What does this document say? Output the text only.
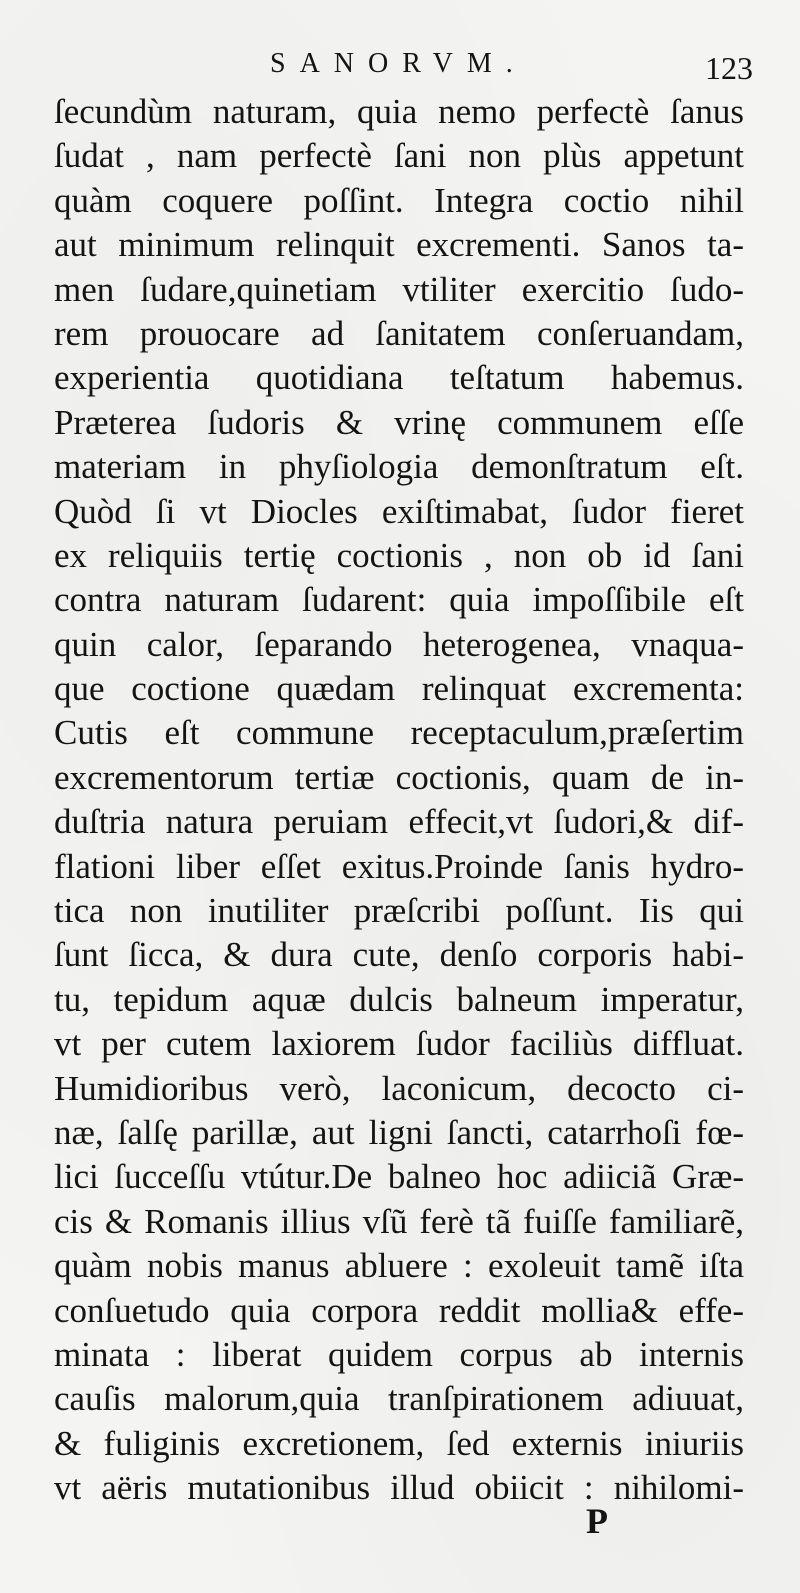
SANORVM.	123
ſecundùm naturam, quia nemo perfectè ſanus
ſudat , nam perfectè ſani non plùs appetunt
quàm coquere poſſint. Integra coctio nihil
aut minimum relinquit excrementi. Sanos ta-
men ſudare,quinetiam vtiliter exercitio ſudo-
rem prouocare ad ſanitatem conſeruandam,
experientia quotidiana teſtatum habemus.
Præterea ſudoris & vrinę communem eſſe
materiam in phyſiologia demonſtratum eſt.
Quòd ſi vt Diocles exiſtimabat, ſudor fieret
ex reliquiis tertię coctionis , non ob id ſani
contra naturam ſudarent: quia impoſſibile eſt
quin calor, ſeparando heterogenea, vnaqua-
que coctione quædam relinquat excrementa:
Cutis eſt commune receptaculum,præſertim
excrementorum tertiæ coctionis, quam de in-
duſtria natura peruiam effecit,vt ſudori,& dif-
flationi liber eſſet exitus.Proinde ſanis hydro-
tica non inutiliter præſcribi poſſunt. Iis qui
ſunt ſicca, & dura cute, denſo corporis habi-
tu, tepidum aquæ dulcis balneum imperatur,
vt per cutem laxiorem ſudor faciliùs diffluat.
Humidioribus verò, laconicum, decocto ci-
næ, ſalſę parillæ, aut ligni ſancti, catarrhoſi fœ-
lici ſucceſſu vtútur.De balneo hoc adiiciã Græ-
cis & Romanis illius vſũ ferè tã fuiſſe familiarẽ,
quàm nobis manus abluere : exoleuit tamẽ iſta
conſuetudo quia corpora reddit mollia& effe-
minata : liberat quidem corpus ab internis
cauſis malorum,quia tranſpirationem adiuuat,
& fuliginis excretionem, ſed externis iniuriis
vt aëris mutationibus illud obiicit : nihilomi-
P
